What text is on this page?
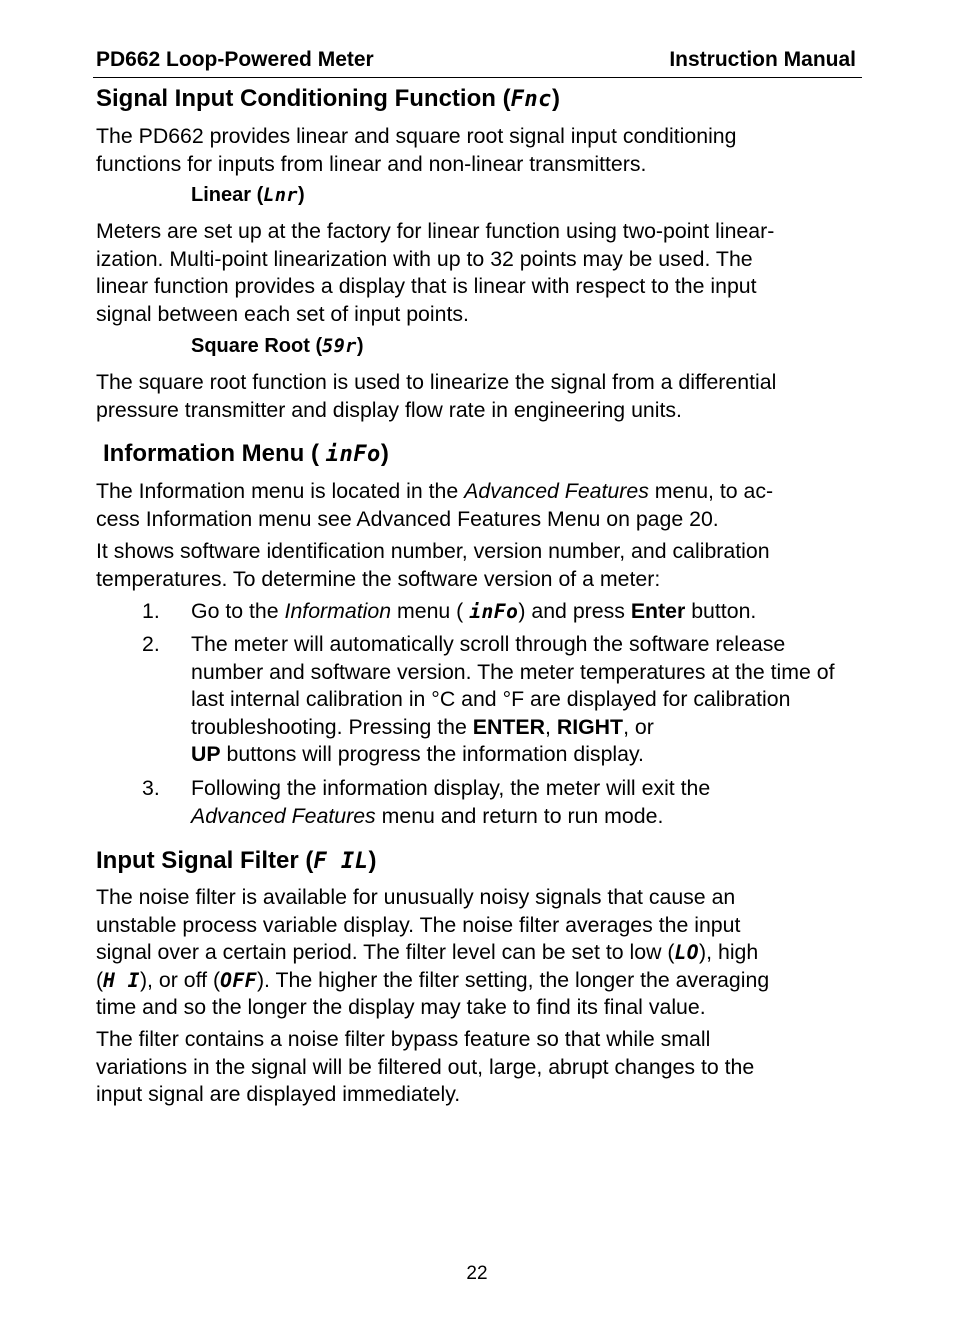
PD662 Loop-Powered Meter	Instruction Manual
Signal Input Conditioning Function (Fnc)
The PD662 provides linear and square root signal input conditioning
functions for inputs from linear and non-linear transmitters.
Linear (Lnr)
Meters are set up at the factory for linear function using two-point linear-
ization. Multi-point linearization with up to 32 points may be used. The
linear function provides a display that is linear with respect to the input
signal between each set of input points.
Square Root (59r)
The square root function is used to linearize the signal from a differential
pressure transmitter and display flow rate in engineering units.
Information Menu ( inFo)
The Information menu is located in the Advanced Features menu, to ac-
cess Information menu see Advanced Features Menu on page 20.
It shows software identification number, version number, and calibration
temperatures. To determine the software version of a meter:
1. Go to the Information menu ( inFo) and press Enter button.
2. The meter will automatically scroll through the software release number and software version. The meter temperatures at the time of last internal calibration in °C and °F are displayed for calibration troubleshooting. Pressing the ENTER, RIGHT, or
UP buttons will progress the information display.
3. Following the information display, the meter will exit the
Advanced Features menu and return to run mode.
Input Signal Filter (F IL)
The noise filter is available for unusually noisy signals that cause an
unstable process variable display. The noise filter averages the input
signal over a certain period. The filter level can be set to low (LO), high
(H I), or off (OFF). The higher the filter setting, the longer the averaging
time and so the longer the display may take to find its final value.
The filter contains a noise filter bypass feature so that while small
variations in the signal will be filtered out, large, abrupt changes to the
input signal are displayed immediately.
22
